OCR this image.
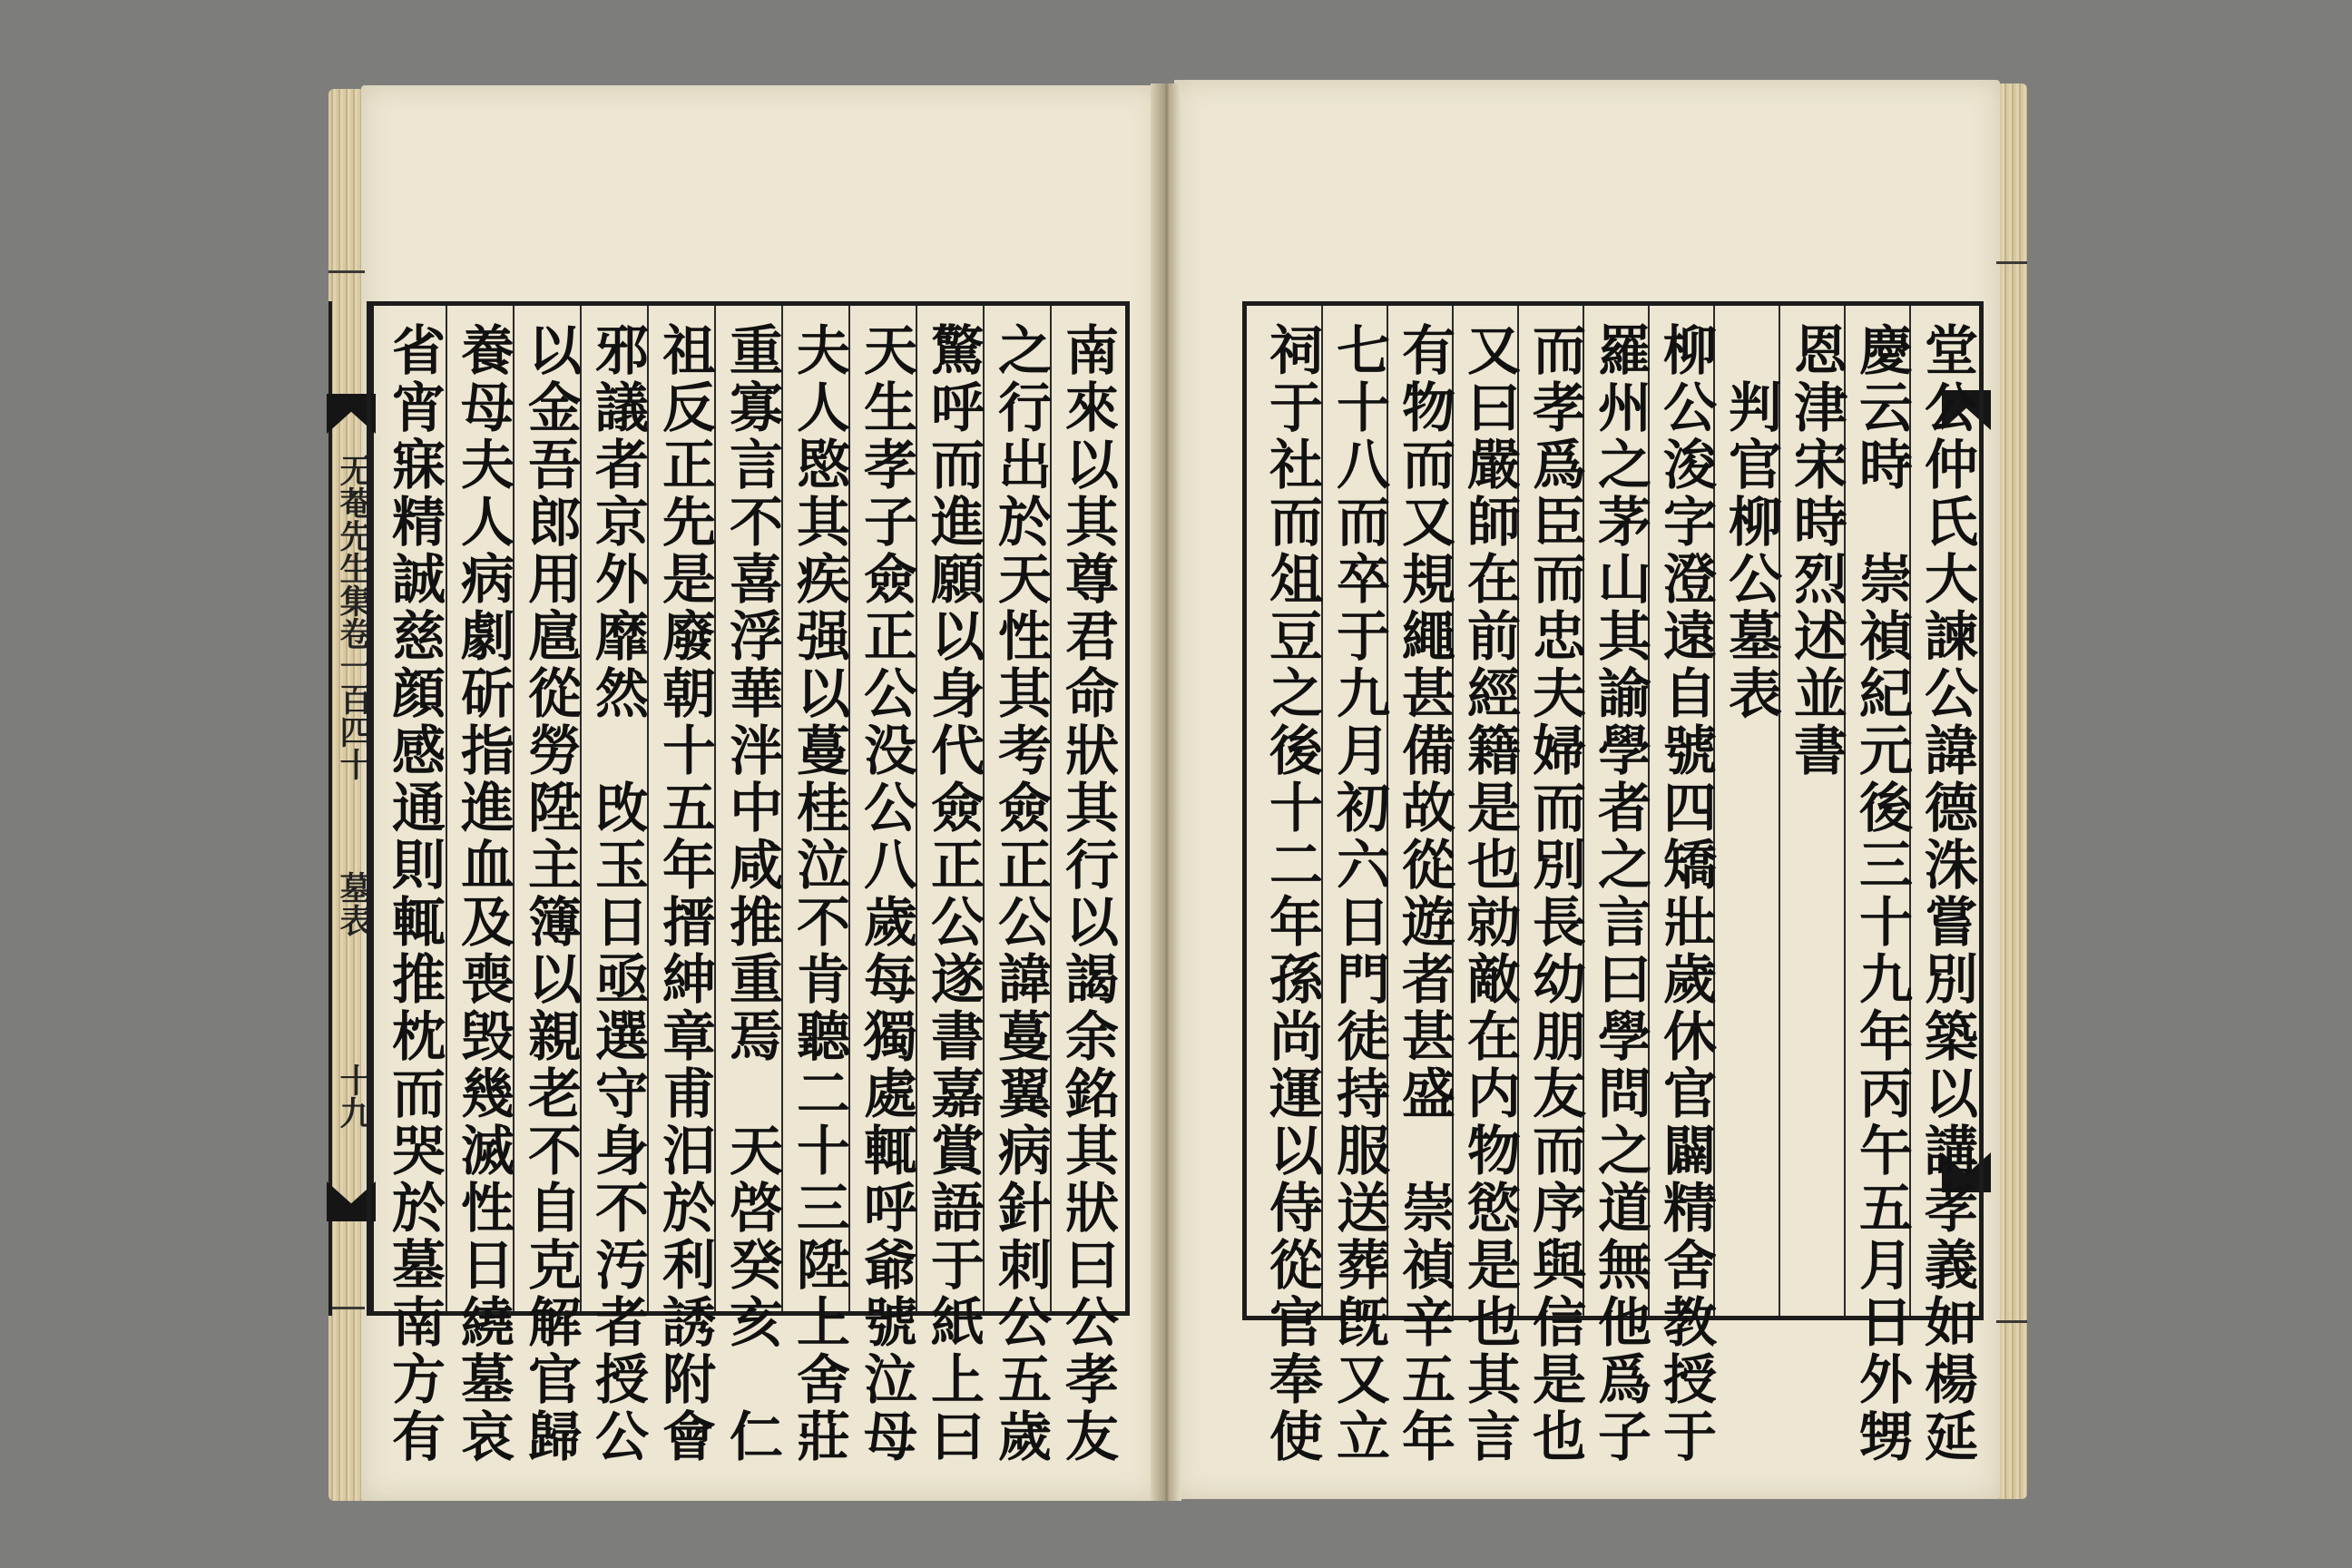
无菴先生集卷一百四十
墓表
十九	南來以其尊君命狀其行以謁余銘其狀曰公孝友
之行出於天性其考僉正公諱蔓翼病針刺公五歲
驚呼而進願以身代僉正公遂書嘉賞語于紙上曰
天生孝子僉正公没公八歲每獨處輒呼爺號泣母
夫人愍其疾强以蔓桂泣不肯聽二十三陞上舍莊
重寡言不喜浮華泮中咸推重焉　天啓癸亥　仁
祖反正先是廢朝十五年搢紳章甫汨於利誘附會
邪議者京外靡然　攺玉日亟選守身不汚者授公
以金吾郎用扈從勞陞主簿以親老不自克解官歸
養母夫人病劇斫指進血及喪毁幾滅性日繞墓哀
省宵寐精誠慈顔感通則輒推枕而哭於墓南方有	堂公仲氏大諫公諱德洙嘗別築以講孝義如楊延
慶云時　崇禎紀元後三十九年丙午五月日外甥
恩津宋時烈述並書
　判官柳公墓表
柳公浚字澄遠自號四矯壯歲休官闢精舍教授于
羅州之茅山其諭學者之言曰學問之道無他爲子
而孝爲臣而忠夫婦而別長幼朋友而序與信是也
又曰嚴師在前經籍是也勍敵在内物慾是也其言
有物而又規繩甚備故從遊者甚盛　崇禎辛五年
七十八而卒于九月初六日門徒持服送葬旣又立
祠于社而俎豆之後十二年孫尚運以侍從官奉使
